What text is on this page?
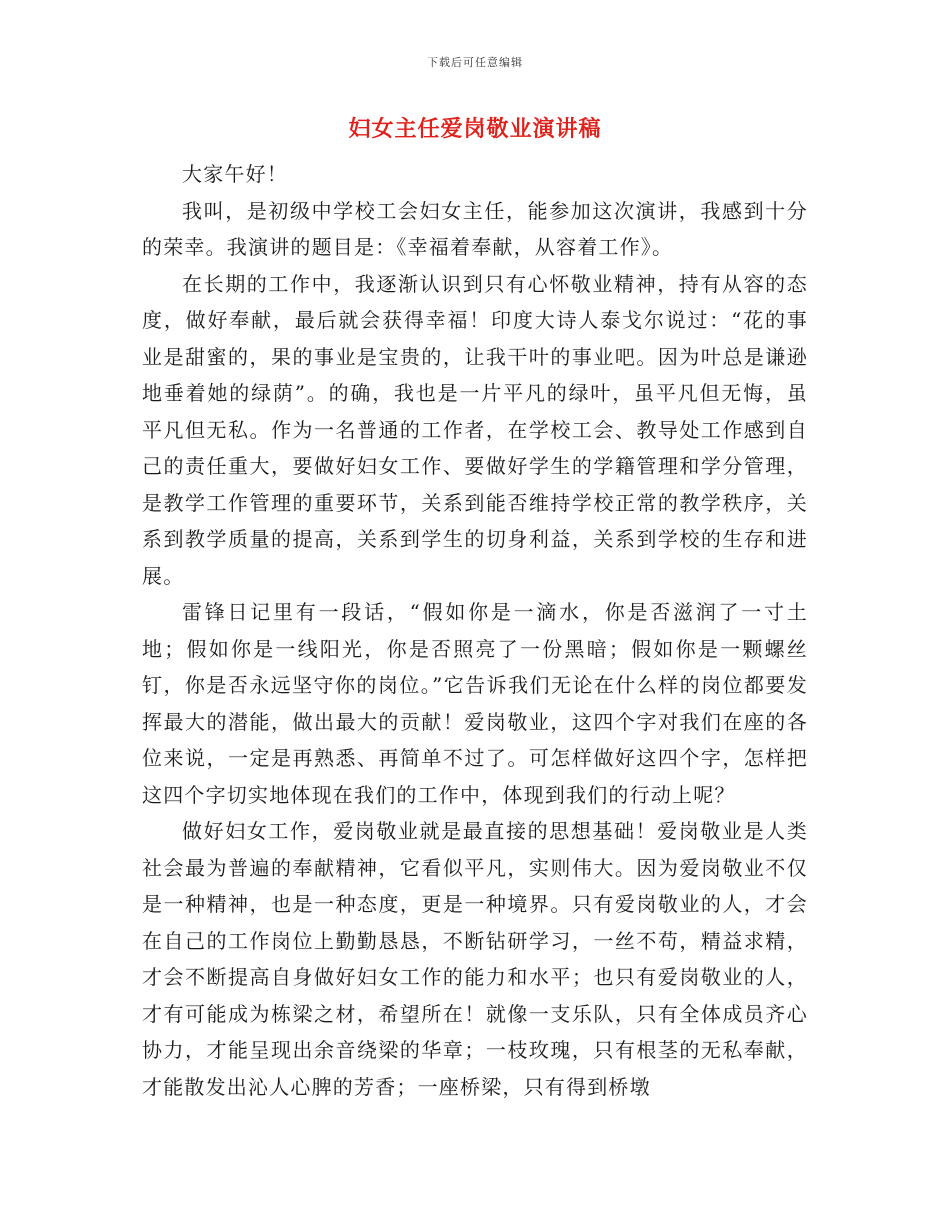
下载后可任意编辑
妇女主任爱岗敬业演讲稿

大家午好！

我叫，是初级中学校工会妇女主任，能参加这次演讲，我感到十分的荣幸。我演讲的题目是：《幸福着奉献，从容着工作》。

在长期的工作中，我逐渐认识到只有心怀敬业精神，持有从容的态度，做好奉献，最后就会获得幸福！印度大诗人泰戈尔说过：“花的事业是甜蜜的，果的事业是宝贵的，让我干叶的事业吧。因为叶总是谦逊地垂着她的绿荫”。的确，我也是一片平凡的绿叶，虽平凡但无悔，虽平凡但无私。作为一名普通的工作者，在学校工会、教导处工作感到自己的责任重大，要做好妇女工作、要做好学生的学籍管理和学分管理，是教学工作管理的重要环节，关系到能否维持学校正常的教学秩序，关系到教学质量的提高，关系到学生的切身利益，关系到学校的生存和进展。

雷锋日记里有一段话，“假如你是一滴水，你是否滋润了一寸土地；假如你是一线阳光，你是否照亮了一份黑暗；假如你是一颗螺丝钉，你是否永远坚守你的岗位。”它告诉我们无论在什么样的岗位都要发挥最大的潜能，做出最大的贡献！爱岗敬业，这四个字对我们在座的各位来说，一定是再熟悉、再简单不过了。可怎样做好这四个字，怎样把这四个字切实地体现在我们的工作中，体现到我们的行动上呢？

做好妇女工作，爱岗敬业就是最直接的思想基础！爱岗敬业是人类社会最为普遍的奉献精神，它看似平凡，实则伟大。因为爱岗敬业不仅是一种精神，也是一种态度，更是一种境界。只有爱岗敬业的人，才会在自己的工作岗位上勤勤恳恳，不断钻研学习，一丝不苟，精益求精，才会不断提高自身做好妇女工作的能力和水平；也只有爱岗敬业的人，才有可能成为栋梁之材，希望所在！就像一支乐队，只有全体成员齐心协力，才能呈现出余音绕梁的华章；一枝玫瑰，只有根茎的无私奉献，才能散发出沁人心脾的芳香；一座桥梁，只有得到桥墩
